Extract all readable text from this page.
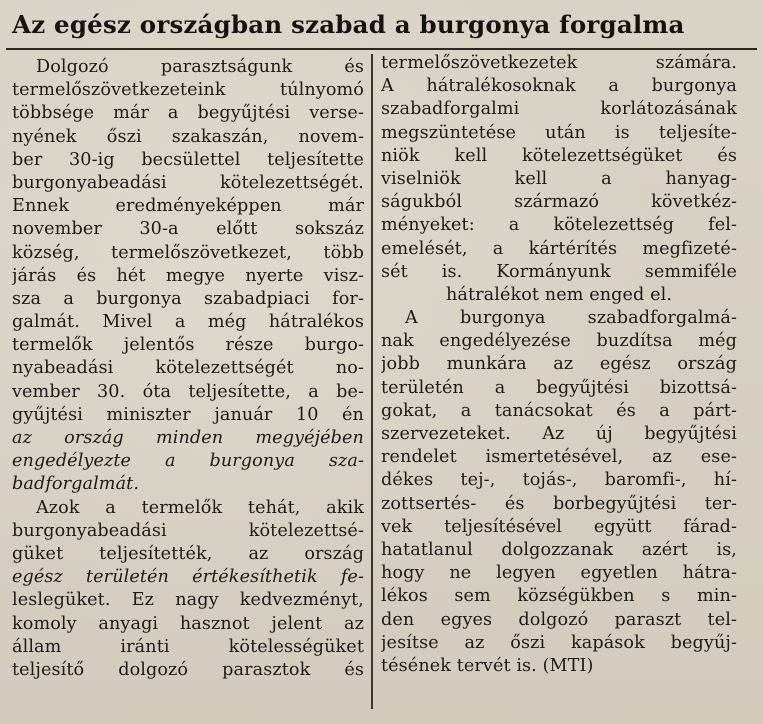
Az egész országban szabad a burgonya forgalma
Dolgozó parasztságunk és
termelőszövetkezeteink túlnyomó
többsége már a begyűjtési verse-
nyének őszi szakaszán, novem-
ber 30-ig becsülettel teljesítette
burgonyabeadási kötelezettségét.
Ennek eredményeképpen már
november 30-a előtt sokszáz
község, termelőszövetkezet, több
járás és hét megye nyerte visz-
sza a burgonya szabadpiaci for-
galmát. Mivel a még hátralékos
termelők jelentős része burgo-
nyabeadási kötelezettségét no-
vember 30. óta teljesítette, a be-
gyűjtési miniszter január 10 én
az ország minden megyéjében
engedélyezte a burgonya sza-
badforgalmát.
Azok a termelők tehát, akik
burgonyabeadási kötelezettsé-
güket teljesítették, az ország
egész területén értékesíthetik fe-
leslegüket. Ez nagy kedvezményt,
komoly anyagi hasznot jelent az
állam iránti kötelességüket
teljesítő dolgozó parasztok és
termelőszövetkezetek számára.
A hátralékosoknak a burgonya
szabadforgalmi korlátozásának
megszüntetése után is teljesíte-
niök kell kötelezettségüket és
viselniök kell a hanyag-
ságukból származó követkéz-
ményeket: a kötelezettség fel-
emelését, a kártérítés megfizeté-
sét is. Kormányunk semmiféle
hátralékot nem enged el.
A burgonya szabadforgalmá-
nak engedélyezése buzdítsa még
jobb munkára az egész ország
területén a begyűjtési bizottsá-
gokat, a tanácsokat és a párt-
szervezeteket. Az új begyűjtési
rendelet ismertetésével, az ese-
dékes tej-, tojás-, baromfi-, hí-
zottsertés- és borbegyűjtési ter-
vek teljesítésével együtt fárad-
hatatlanul dolgozzanak azért is,
hogy ne legyen egyetlen hátra-
lékos sem községükben s min-
den egyes dolgozó paraszt tel-
jesítse az őszi kapások begyűj-
tésének tervét is. (MTI)
